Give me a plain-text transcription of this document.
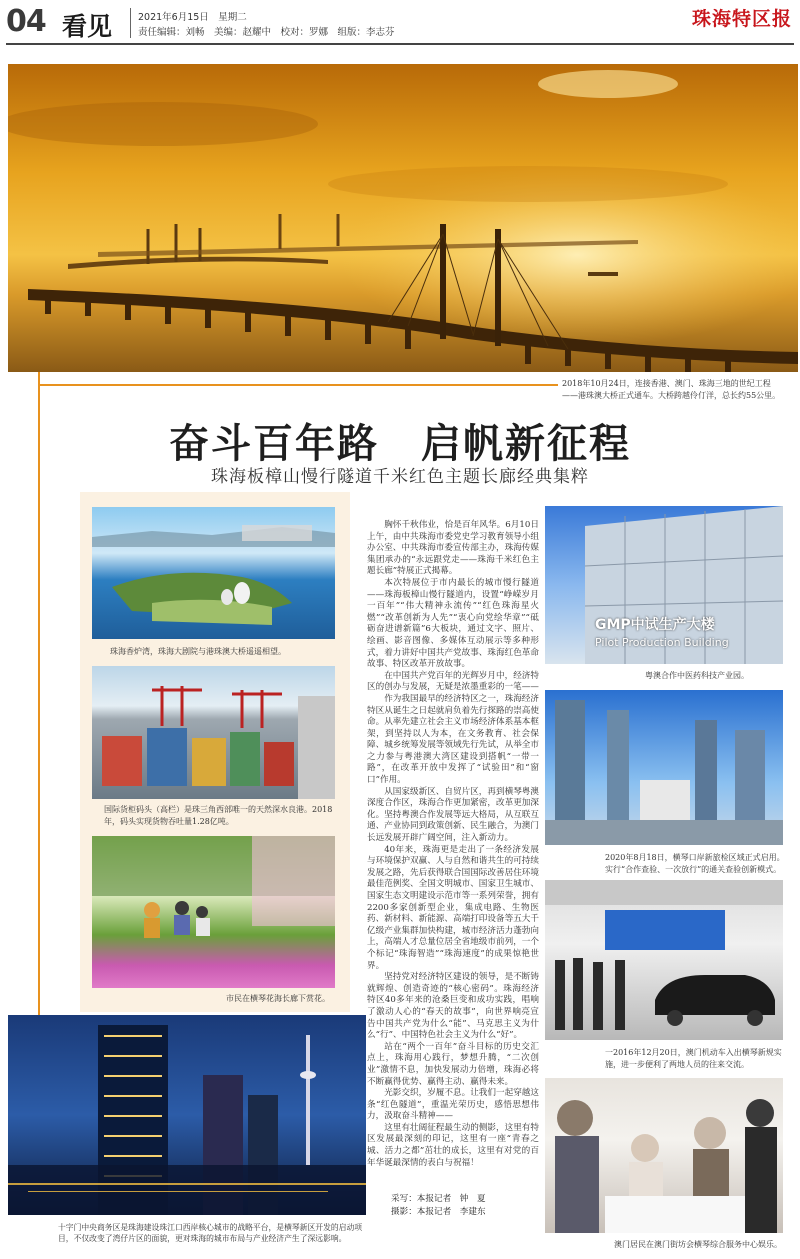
04 看见	2021年6月15日　星期二
责任编辑：刘畅　美编：赵耀中　校对：罗娜　组版：李志芬
珠海特区报
2018年10月24日，连接香港、澳门、珠海三地的世纪工程——港珠澳大桥正式通车。大桥跨越伶仃洋，总长约55公里。
奋斗百年路　启帆新征程
珠海板樟山慢行隧道千米红色主题长廊经典集粹
珠海香炉湾，珠海大剧院与港珠澳大桥遥遥相望。
国际货柜码头（高栏）是珠三角西部唯一的天然深水良港。2018年，码头实现货物吞吐量1.28亿吨。
市民在横琴花海长廊下赏花。
十字门中央商务区是珠海建设珠江口西岸核心城市的战略平台，是横琴新区开发的启动项目，不仅改变了湾仔片区的面貌，更对珠海的城市布局与产业经济产生了深远影响。

胸怀千秋伟业，恰是百年风华。6月10日上午，由中共珠海市委党史学习教育领导小组办公室、中共珠海市委宣传部主办，珠海传媒集团承办的“永远跟党走——珠海千米红色主题长廊”特展正式揭幕。

本次特展位于市内最长的城市慢行隧道——珠海板樟山慢行隧道内，设置“峥嵘岁月一百年”“伟大精神永流传”“红色珠海星火燃”“改革创新为人先”“衷心向党绘华章”“砥砺奋进谱新篇”6大板块，通过文字、照片、绘画、影音图像、多媒体互动展示等多种形式，着力讲好中国共产党故事、珠海红色革命故事、特区改革开放故事。

在中国共产党百年的光辉岁月中，经济特区的创办与发展，无疑是浓墨重彩的一笔——

作为我国最早的经济特区之一，珠海经济特区从诞生之日起就肩负着先行探路的崇高使命。从率先建立社会主义市场经济体系基本框架，到坚持以人为本，在文务教育、社会保障、城乡统筹发展等领域先行先试，从举全市之力参与粤港澳大湾区建设到搭帆“一带一路”，在改革开放中发挥了“试验田”和“窗口”作用。

从国家级新区、自贸片区，再到横琴粤澳深度合作区，珠海合作更加紧密，改革更加深化。坚持粤澳合作发展等远大格局，从互联互通、产业协同到政策创新、民生融合，为澳门长远发展开辟广阔空间，注入新动力。

40年来，珠海更是走出了一条经济发展与环境保护双赢、人与自然和谐共生的可持续发展之路，先后获得联合国国际改善居住环境最佳范例奖、全国文明城市、国家卫生城市、国家生态文明建设示范市等一系列荣誉，拥有2200多家创新型企业，集成电路、生物医药、新材料、新能源、高端打印设备等五大千亿级产业集群加快构建，城市经济活力蓬勃向上，高端人才总量位居全省地级市前列，一个个标记“珠海智造”“珠海速度”的成果惊艳世界。

坚持党对经济特区建设的领导，是不断铸就辉煌、创造奇迹的“核心密码”。珠海经济特区40多年来的沧桑巨变和成功实践，唱响了激动人心的“春天的故事”，向世界响亮宣告中国共产党为什么“能”、马克思主义为什么“行”、中国特色社会主义为什么“好”。

站在“两个一百年”奋斗目标的历史交汇点上，珠海用心践行，梦想升腾，“二次创业”激情不息，加快发展动力倍增，珠海必将不断赢得优势、赢得主动、赢得未来。

光影交织，岁履不息。让我们一起穿越这条“红色隧道”，重温光荣历史，感悟思想伟力，汲取奋斗精神——

这里有壮阔征程最生动的侧影，这里有特区发展最深刻的印记，这里有一座“青春之城、活力之都”茁壮的成长，这里有对党的百年华诞最深情的表白与祝福！

采写：本报记者　钟　夏
摄影：本报记者　李建东
GMP中试生产大楼
Pilot Production Building
粤澳合作中医药科技产业园。
2020年8月18日，横琴口岸新旅检区域正式启用。实行“合作查验、一次放行”的通关查验创新模式。
一2016年12月20日，澳门机动车入出横琴新规实施，进一步便利了两地人员的往来交流。
澳门居民在澳门街坊会横琴综合服务中心娱乐。
